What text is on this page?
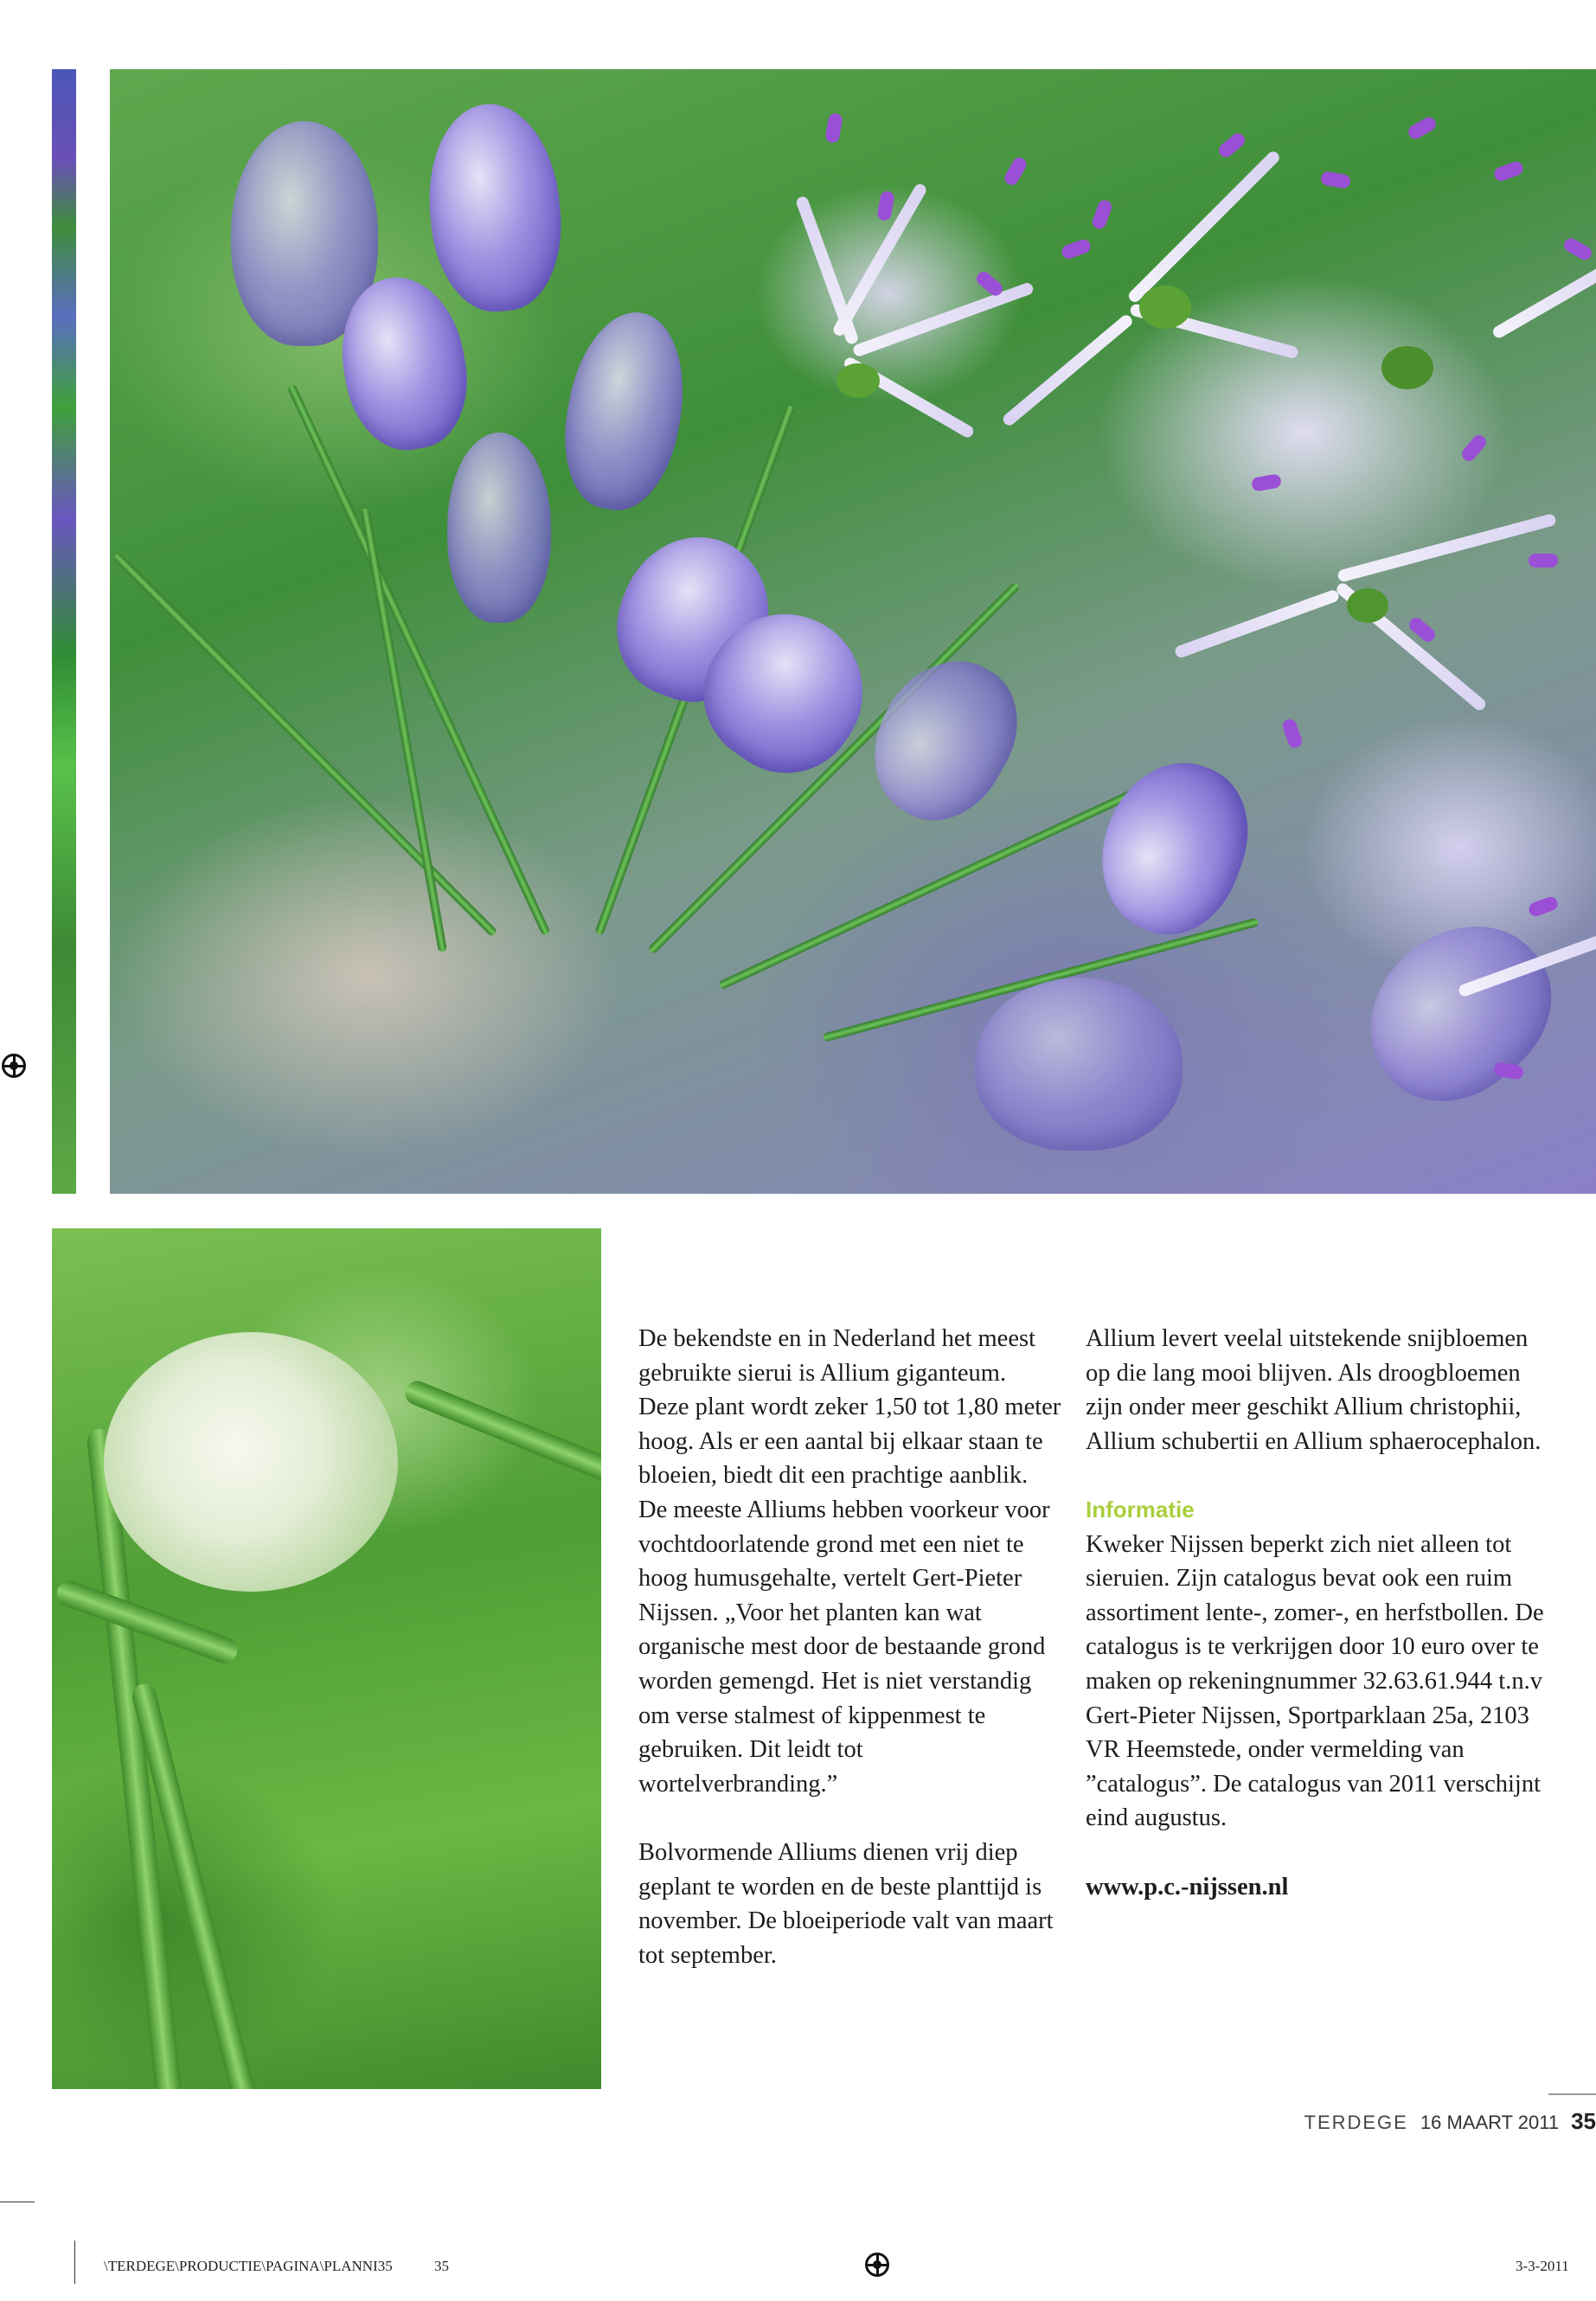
De bekendste en in Nederland het meest gebruikte sierui is Allium giganteum. Deze plant wordt zeker 1,50 tot 1,80 meter hoog. Als er een aantal bij elkaar staan te bloeien, biedt dit een prachtige aanblik.

De meeste Alliums hebben voorkeur voor vochtdoorlatende grond met een niet te hoog humusgehalte, vertelt Gert-Pieter Nijssen. „Voor het planten kan wat organische mest door de bestaande grond worden gemengd. Het is niet verstandig om verse stalmest of kippenmest te gebruiken. Dit leidt tot wortelverbranding.”

Bolvormende Alliums dienen vrij diep geplant te worden en de beste planttijd is november. De bloeiperiode valt van maart tot september.

Allium levert veelal uitstekende snijbloemen op die lang mooi blijven. Als droogbloemen zijn onder meer geschikt Allium christophii, Allium schubertii en Allium sphaerocephalon.

Informatie

Kweker Nijssen beperkt zich niet alleen tot sieruien. Zijn catalogus bevat ook een ruim assortiment lente-, zomer-, en herfstbollen. De catalogus is te verkrijgen door 10 euro over te maken op rekeningnummer 32.63.61.944 t.n.v Gert-Pieter Nijssen, Sportparklaan 25a, 2103 VR Heemstede, onder vermelding van ”catalogus”. De catalogus van 2011 verschijnt eind augustus.

www.p.c.-nijssen.nl

TERDEGE 16 MAART 2011 35
\TERDEGE\PRODUCTIE\PAGINA\PLANNI35	35	3-3-2011
